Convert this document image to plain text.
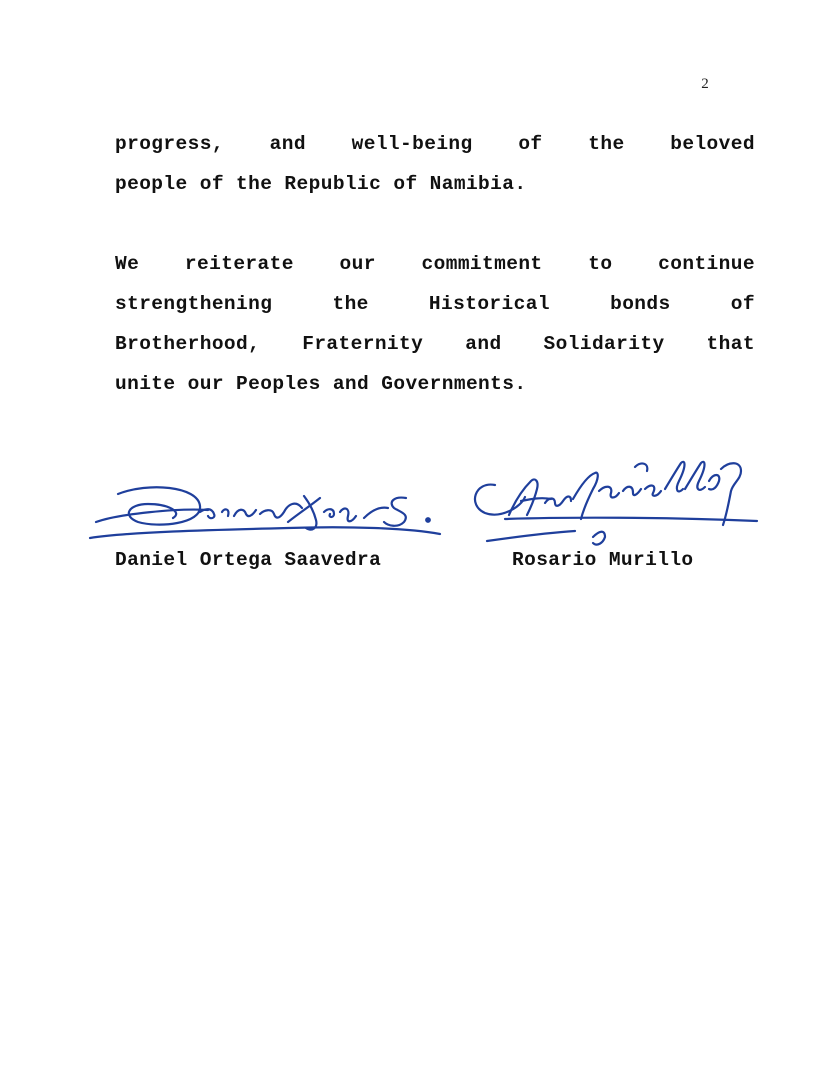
2
progress, and well-being of the beloved
people of the Republic of Namibia.
We reiterate our commitment to continue
strengthening	the	Historical	bonds	of
Brotherhood, Fraternity and Solidarity that
unite our Peoples and Governments.
Daniel Ortega Saavedra	Rosario Murillo
